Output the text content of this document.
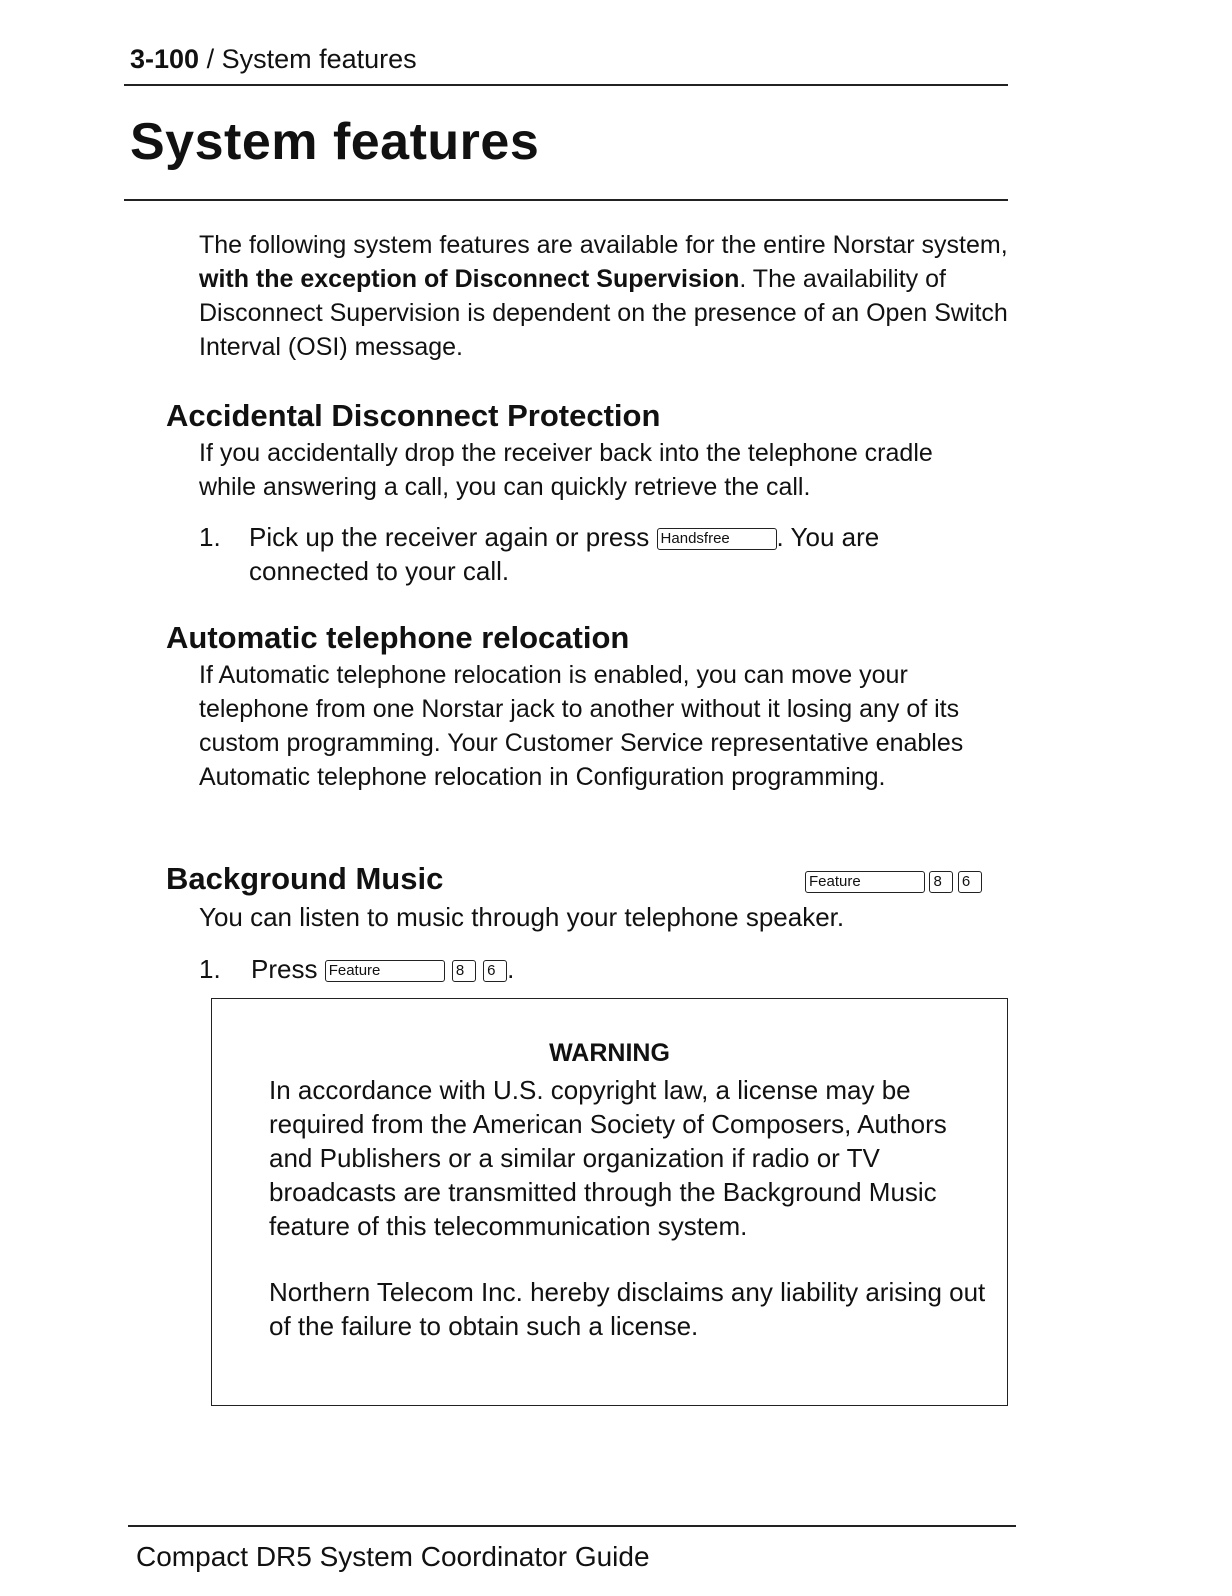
3-100 / System features
System features
The following system features are available for the entire Norstar system, with the exception of Disconnect Supervision. The availability of Disconnect Supervision is dependent on the presence of an Open Switch Interval (OSI) message.
Accidental Disconnect Protection
If you accidentally drop the receiver back into the telephone cradle while answering a call, you can quickly retrieve the call.
1. Pick up the receiver again or press Handsfree . You are connected to your call.
Automatic telephone relocation
If Automatic telephone relocation is enabled, you can move your telephone from one Norstar jack to another without it losing any of its custom programming. Your Customer Service representative enables Automatic telephone relocation in Configuration programming.
Background Music	Feature	8 6
You can listen to music through your telephone speaker.
1. Press Feature	8 6 .
WARNING
In accordance with U.S. copyright law, a license may be required from the American Society of Composers, Authors and Publishers or a similar organization if radio or TV broadcasts are transmitted through the Background Music feature of this telecommunication system.
Northern Telecom Inc. hereby disclaims any liability arising out of the failure to obtain such a license.
Compact DR5 System Coordinator Guide
